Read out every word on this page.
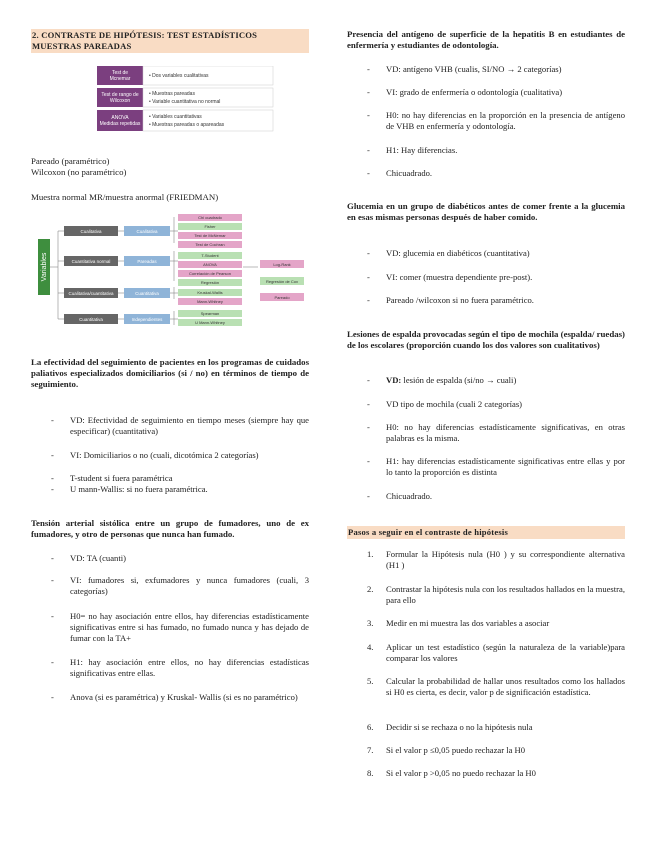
2. CONTRASTE DE HIPÓTESIS: TEST ESTADÍSTICOS MUESTRAS PAREADAS
Test de
Mcnemar
Test de rango de
Wilcoxon
ANOVA
Medidas repetidas
• Dos variables cualitativas
• Muestras pareadas
• Variable cuantitativa no normal
• Variables cuantitativas
• Muestras pareadas o apareadas

Pareado (paramétrico)

Wilcoxon (no paramétrico)

Muestra normal MR/muestra anormal (FRIEDMAN)

Variables
Cualitativa
Cuantitativa normal
Cualitativa/cuantitativa
Cuantitativa
Cualitativa
Pareadas
Cuantitativa
Independientes
Chi cuadrado
Fisher
Test de McNemar
Test de Cochran
T-Student
ANOVA
Correlación de Pearson
Regresión
Kruskal-Wallis
Mann-Whitney
Spearman
U Mann-Whitney
Log-Rank
Regresión de Cox
Pareado

La efectividad del seguimiento de pacientes en los programas de cuidados paliativos especializados domiciliarios (si / no) en términos de tiempo de seguimiento.

- VD: Efectividad de seguimiento en tiempo meses (siempre hay que especificar) (cuantitativa)
- VI: Domiciliarios o no (cuali, dicotómica 2 categorías)
- T-student si fuera paramétrica
- U mann-Wallis: si no fuera paramétrica.

Tensión arterial sistólica entre un grupo de fumadores, uno de ex fumadores, y otro de personas que nunca han fumado.

- VD: TA (cuanti)
- VI: fumadores si, exfumadores y nunca fumadores (cuali, 3 categorías)
- H0= no hay asociación entre ellos, hay diferencias estadísticamente significativas entre si has fumado, no fumado nunca y has dejado de fumar con la TA+
- H1: hay asociación entre ellos, no hay diferencias estadísticas significativas entre ellas.
- Anova (si es paramétrica) y Kruskal- Wallis (si es no paramétrico)

Presencia del antígeno de superficie de la hepatitis B en estudiantes de enfermería y estudiantes de odontología.

- VD: antígeno VHB (cualis, SI/NO → 2 categorías)
- VI: grado de enfermería o odontología (cualitativa)
- H0: no hay diferencias en la proporción en la presencia de antígeno de VHB en enfermería y odontología.
- H1: Hay diferencias.
- Chicuadrado.

Glucemia en un grupo de diabéticos antes de comer frente a la glucemia en esas mismas personas después de haber comido.

- VD: glucemia en diabéticos (cuantitativa)
- VI: comer (muestra dependiente pre-post).
- Pareado /wilcoxon si no fuera paramétrico.

Lesiones de espalda provocadas según el tipo de mochila (espalda/ ruedas) de los escolares (proporción cuando los dos valores son cualitativos)

- VD: lesión de espalda (si/no → cuali)
- VD tipo de mochila (cuali 2 categorías)
- H0: no hay diferencias estadísticamente significativas, en otras palabras es la misma.
- H1: hay diferencias estadísticamente significativas entre ellas y por lo tanto la proporción es distinta
- Chicuadrado.
Pasos a seguir en el contraste de hipótesis
1. Formular la Hipótesis nula (H0 ) y su correspondiente alternativa (H1 )
2. Contrastar la hipótesis nula con los resultados hallados en la muestra, para ello
3. Medir en mi muestra las dos variables a asociar
4. Aplicar un test estadístico (según la naturaleza de la variable)para comparar los valores
5. Calcular la probabilidad de hallar unos resultados como los hallados si H0 es cierta, es decir, valor p de significación estadística.
6. Decidir si se rechaza o no la hipótesis nula
7. Si el valor p ≤0,05 puedo rechazar la H0
8. Si el valor p >0,05 no puedo rechazar la H0
